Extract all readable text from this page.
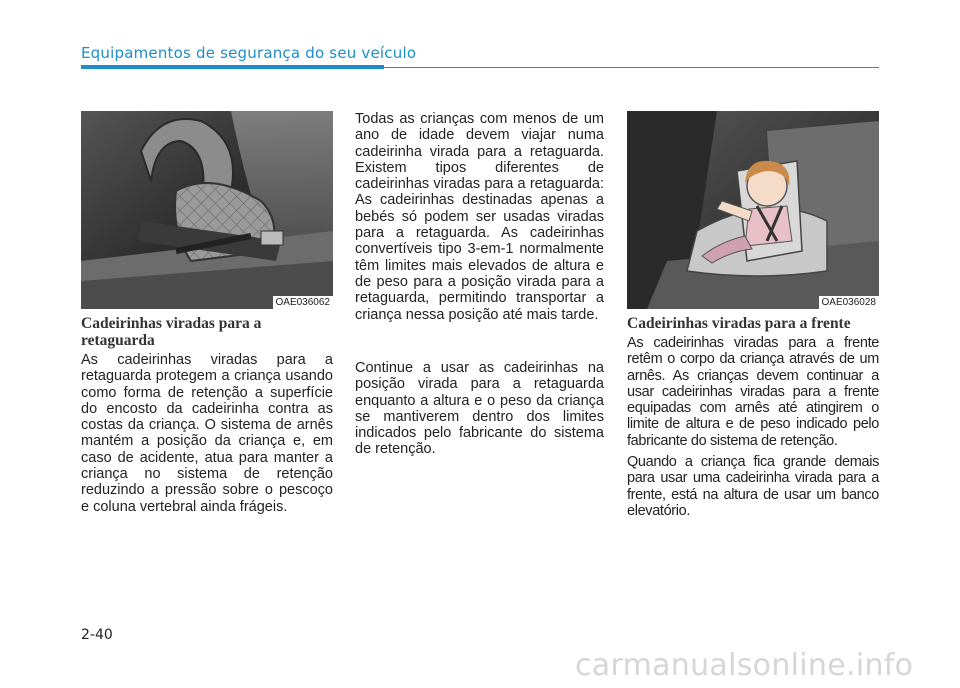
Equipamentos de segurança do seu veículo
OAE036062
Cadeirinhas viradas para a retaguarda

As cadeirinhas viradas para a retaguarda protegem a criança usando como forma de retenção a superfície do encosto da cadeirinha contra as costas da criança. O sistema de arnês mantém a posição da criança e, em caso de acidente, atua para manter a criança no sistema de retenção reduzindo a pressão sobre o pescoço e coluna vertebral ainda frágeis.

Todas as crianças com menos de um ano de idade devem viajar numa cadeirinha virada para a retaguarda. Existem tipos diferentes de cadeirinhas viradas para a retaguarda: As cadeirinhas destinadas apenas a bebés só podem ser usadas viradas para a retaguarda. As cadeirinhas convertíveis tipo 3-em-1 normalmente têm limites mais elevados de altura e de peso para a posição virada para a retaguarda, permitindo transportar a criança nessa posição até mais tarde.

Continue a usar as cadeirinhas na posição virada para a retaguarda enquanto a altura e o peso da criança se mantiverem dentro dos limites indicados pelo fabricante do sistema de retenção.

OAE036028
Cadeirinhas viradas para a frente

As cadeirinhas viradas para a frente retêm o corpo da criança através de um arnês. As crianças devem continuar a usar cadeirinhas viradas para a frente equipadas com arnês até atingirem o limite de altura e de peso indicado pelo fabricante do sistema de retenção.

Quando a criança fica grande demais para usar uma cadeirinha virada para a frente, está na altura de usar um banco elevatório.

2-40
carmanualsonline.info
